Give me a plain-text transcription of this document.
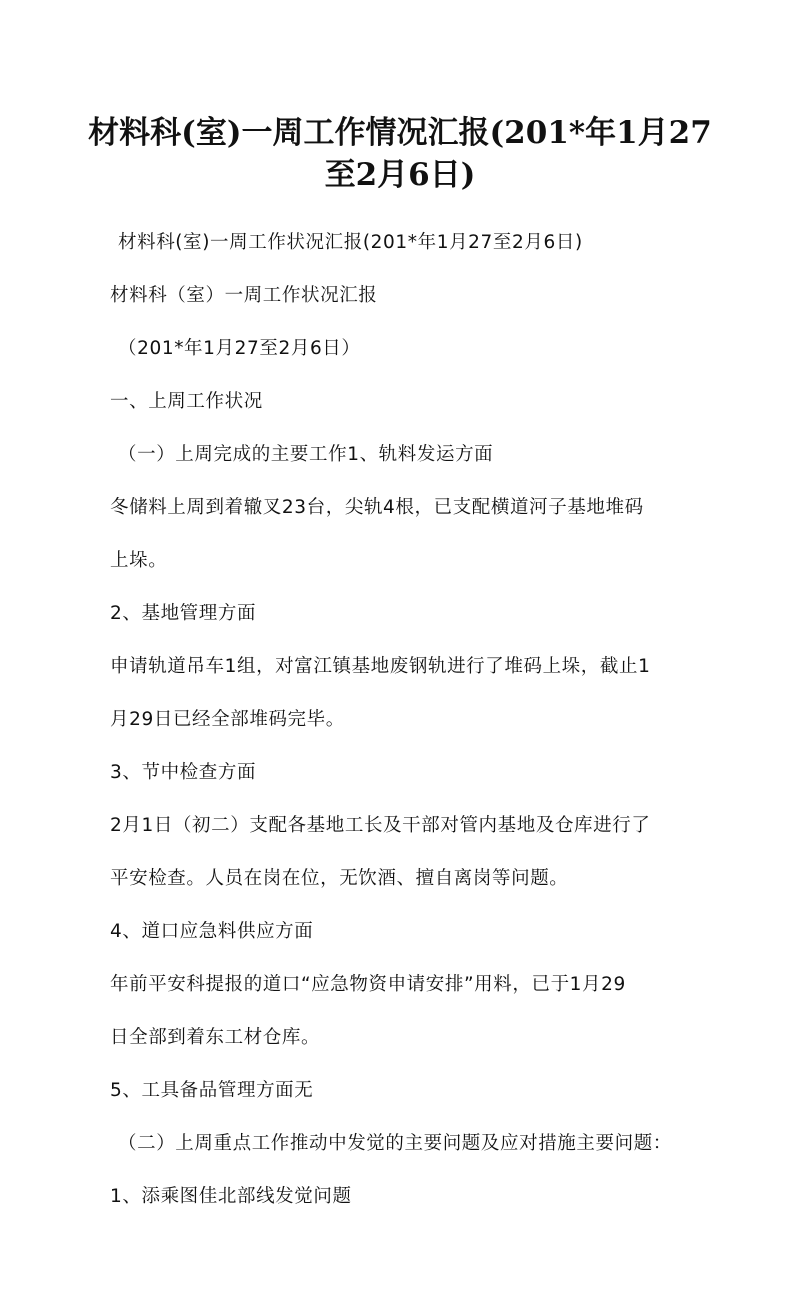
材料科(室)一周工作情况汇报(201*年1月27
至2月6日)

材料科(室)一周工作状况汇报(201*年1月27至2月6日)

材料科（室）一周工作状况汇报

（201*年1月27至2月6日）

一、上周工作状况

（一）上周完成的主要工作1、轨料发运方面

冬储料上周到着辙叉23台，尖轨4根，已支配横道河子基地堆码

上垛。

2、基地管理方面

申请轨道吊车1组，对富江镇基地废钢轨进行了堆码上垛，截止1

月29日已经全部堆码完毕。

3、节中检查方面

2月1日（初二）支配各基地工长及干部对管内基地及仓库进行了

平安检查。人员在岗在位，无饮酒、擅自离岗等问题。

4、道口应急料供应方面

年前平安科提报的道口“应急物资申请安排”用料，已于1月29

日全部到着东工材仓库。

5、工具备品管理方面无

（二）上周重点工作推动中发觉的主要问题及应对措施主要问题：

1、添乘图佳北部线发觉问题
